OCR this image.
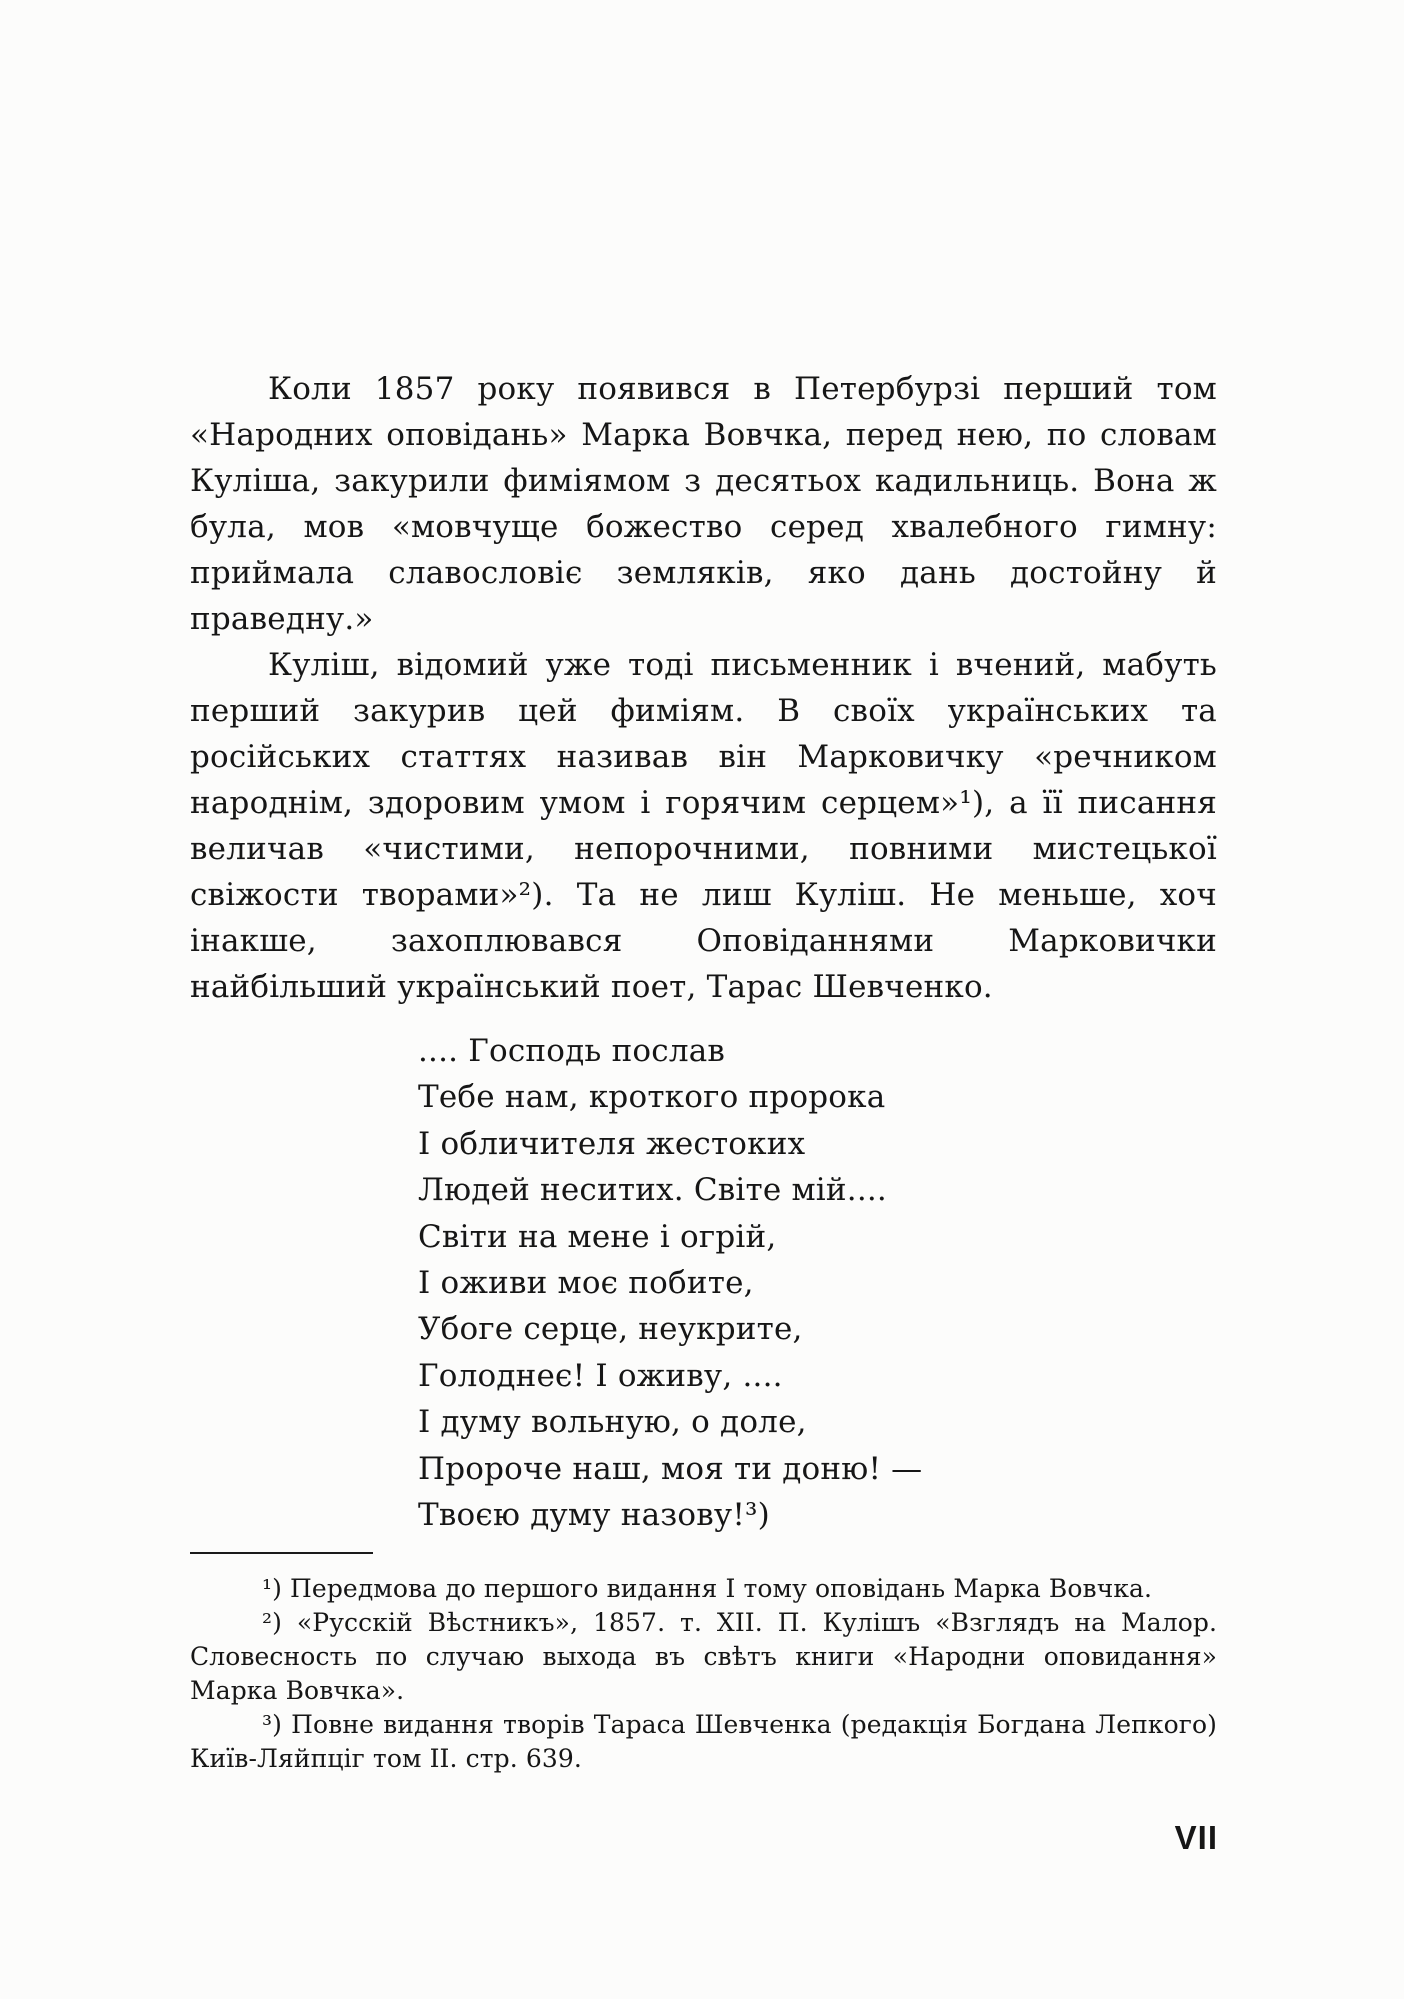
Коли 1857 року появився в Петербурзі перший том «Народних оповідань» Марка Вовчка, перед нею, по словам Куліша, закурили фиміямом з десятьох кадильниць. Вона ж була, мов «мовчуще божество серед хвалебного гимну: приймала славословіє земляків, яко дань достойну й праведну.»

Куліш, відомий уже тоді письменник і вчений, мабуть перший закурив цей фиміям. В своїх українських та російських статтях називав він Марковичку «речником народнім, здоровим умом і горячим серцем»¹), а її писання величав «чистими, непорочними, повними мистецької свіжости творами»²). Та не лиш Куліш. Не меньше, хоч інакше, захоплювався Оповіданнями Марковички найбільший український поет, Тарас Шевченко.

.... Господь послав
Тебе нам, кроткого пророка
І обличителя жестоких
Людей неситих. Світе мій....
Світи на мене і огрій,
І оживи моє побите,
Убоге серце, неукрите,
Голоднеє! І оживу, ....
І думу вольную, о доле,
Пророче наш, моя ти доню! —
Твоєю думу назову!³)

¹) Передмова до першого видання І тому оповідань Марка Вовчка.

²) «Русскій Вѣстникъ», 1857. т. ХІІ. П. Кулішъ «Взглядъ на Малор. Словесность по случаю выхода въ свѣтъ книги «Народни оповидання» Марка Вовчка».

³) Повне видання творів Тараса Шевченка (редакція Богдана Лепкого) Київ-Ляйпціг том II. стр. 639.

VII
